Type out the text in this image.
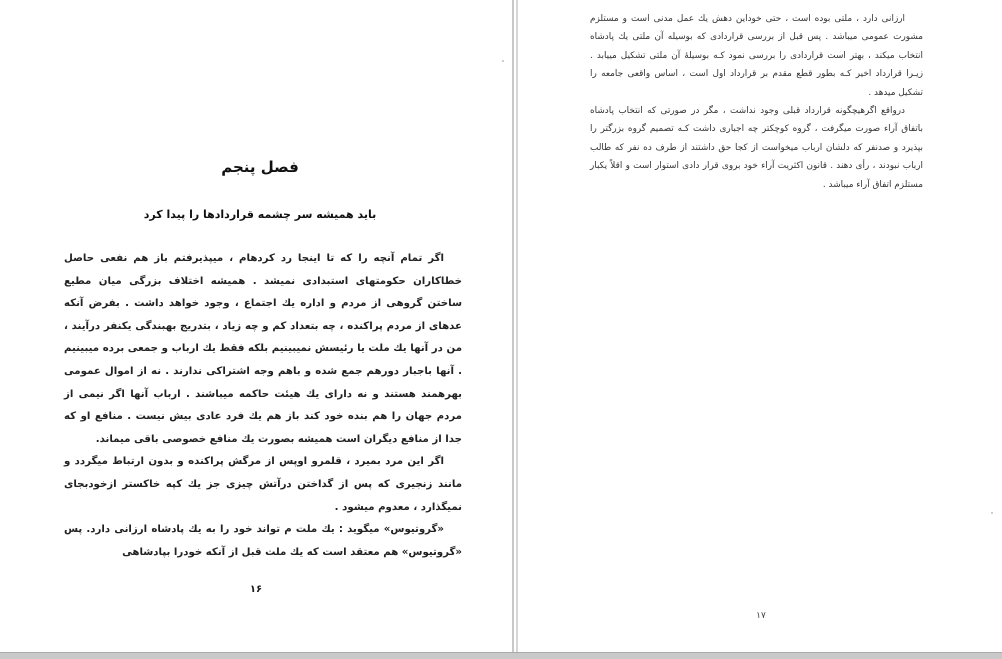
فصل پنجم
باید همیشه سر چشمه قراردادها را پیدا کرد

اگر تمام آنچه را که تا اینجا رد کردهام ، میپذیرفتم باز هم نفعی حاصل خطاکاران حکومتهای استبدادی نمیشد . همیشه اختلاف بزرگی میان مطیع ساختن گروهی از مردم و اداره یك اجتماع ، وجود خواهد داشت . بفرض آنکه عدهای از مردم پراکنده ، چه بتعداد کم و چه زیاد ، بتدریج بهبندگی یکنفر درآیند ، من در آنها یك ملت یا رئیسش نمیبینیم بلکه فقط یك ارباب و جمعی برده میبینیم . آنها باجبار دورهم جمع شده و باهم وجه اشتراکی ندارند . نه از اموال عمومی بهرهمند هستند و نه دارای یك هیئت حاکمه میباشند . ارباب آنها اگر نیمی از مردم جهان را هم بنده خود کند باز هم یك فرد عادی بیش نیست . منافع او که جدا از منافع دیگران است همیشه بصورت یك منافع خصوصی باقی میماند.

اگر این مرد بمیرد ، قلمرو اوپس از مرگش پراکنده و بدون ارتباط میگردد و مانند زنجیری که پس از گداختن درآتش چیزی جز یك کپه خاکستر ازخودبجای نمیگذارد ، معدوم میشود .

«گروتیوس» میگوید : یك ملت م تواند خود را به یك پادشاه ارزانی دارد. پس «گروتیوس» هم معتقد است که یك ملت قبل از آنکه خودرا بپادشاهی

۱۶

ارزانی دارد ، ملتی بوده است ، حتی خوداین دهش یك عمل مدنی است و مستلزم مشورت عمومی میباشد . پس قبل از بررسی قراردادی که بوسیله آن ملتی یك پادشاه انتخاب میکند ، بهتر است قراردادی را بررسی نمود کـه بوسیلهٔ آن ملتی تشکیل مییابد . زیـرا قرارداد اخیر کـه بطور قطع مقدم بر قرارداد اول است ، اساس واقعی جامعه را تشکیل میدهد .

درواقع اگرهیچگونه قرارداد قبلی وجود نداشت ، مگر در صورتی که انتخاب پادشاه باتفاق آراء صورت میگرفت ، گروه کوچکتر چه اجباری داشت کـه تصمیم گروه بزرگتر را بپذیرد و صدنفر که دلشان ارباب میخواست از کجا حق داشتند از طرف ده نفر که طالب ارباب نبودند ، رأی دهند . قانون اکثریت آراء خود بروی قرار دادی استوار است و اقلاً یکبار مستلزم اتفاق آراء میباشد .

۱۷
